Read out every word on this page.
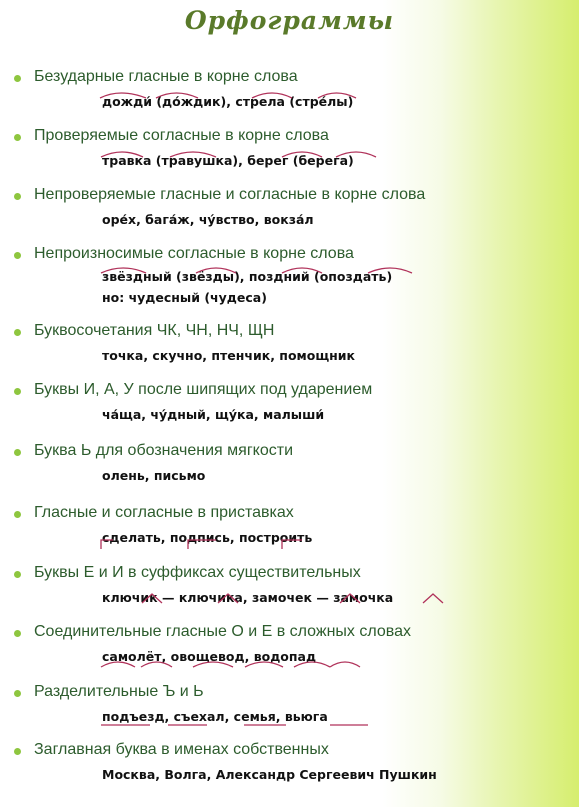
Орфограммы
Безударные гласные в корне слова
дожди́ (до́ждик), стрела (стре́лы)
Проверяемые согласные в корне слова
травка (травушка), берег (берега)
Непроверяемые гласные и согласные в корне слова
оре́х, бага́ж, чу́вство, вокза́л
Непроизносимые согласные в корне слова
звёздный (звёзды), поздний (опоздать)
но: чудесный (чудеса)
Буквосочетания ЧК, ЧН, НЧ, ЩН
точка, скучно, птенчик, помощник
Буквы И, А, У после шипящих под ударением
ча́ща, чу́дный, щу́ка, малыши́
Буква Ь для обозначения мягкости
олень, письмо
Гласные и согласные в приставках
сделать, подпись, построить
Буквы Е и И в суффиксах существительных
ключик — ключика, замочек — замочка
Соединительные гласные О и Е в сложных словах
самолёт, овощевод, водопад
Разделительные Ъ и Ь
подъезд, съехал, семья, вьюга
Заглавная буква в именах собственных
Москва, Волга, Александр Сергеевич Пушкин
